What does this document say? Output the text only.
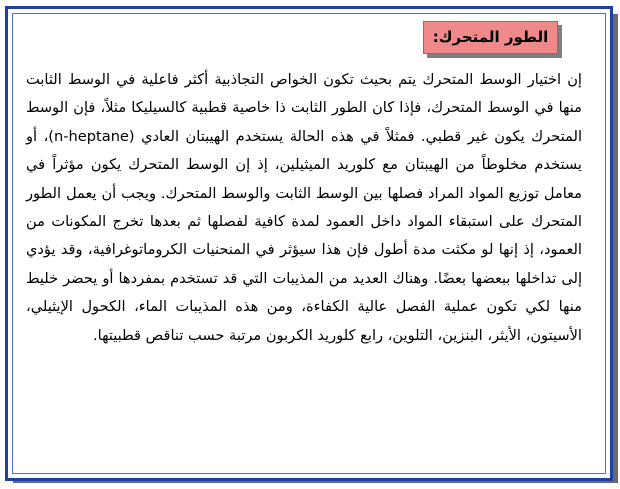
الطور المتحرك:

إن اختيار الوسط المتحرك يتم بحيث تكون الخواص التجاذبية أكثر فاعلية في الوسط الثابت منها في الوسط المتحرك، فإذا كان الطور الثابت ذا خاصية قطبية كالسيليكا مثلاً، فإن الوسط المتحرك يكون غير قطبي. فمثلاً في هذه الحالة يستخدم الهيبتان العادي (n-heptane)، أو يستخدم مخلوطاً من الهيبتان مع كلوريد الميثيلين، إذ إن الوسط المتحرك يكون مؤثراً في معامل توزيع المواد المراد فصلها بين الوسط الثابت والوسط المتحرك. ويجب أن يعمل الطور المتحرك على استبقاء المواد داخل العمود لمدة كافية لفصلها ثم بعدها تخرج المكونات من العمود، إذ إنها لو مكثت مدة أطول فإن هذا سيؤثر في المنحنيات الكروماتوغرافية، وقد يؤدي إلى تداخلها ببعضها بعضًا. وهناك العديد من المذيبات التي قد تستخدم بمفردها أو يحضر خليط منها لكي تكون عملية الفصل عالية الكفاءة، ومن هذه المذيبات الماء، الكحول الإيثيلي، الأسيتون، الأيثر، البنزين، التلوين، رابع كلوريد الكربون مرتبة حسب تناقص قطبيتها.
